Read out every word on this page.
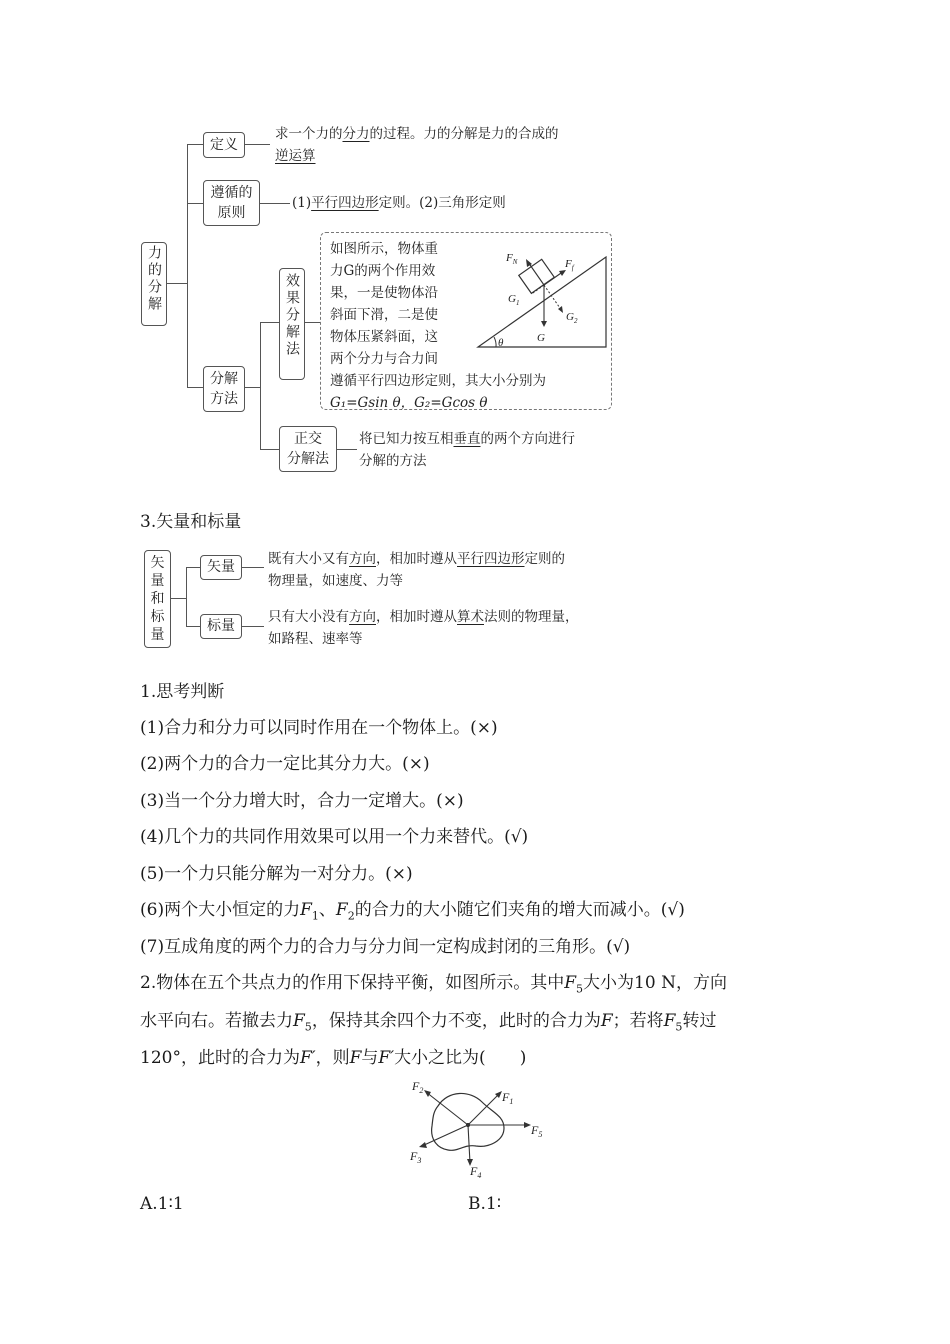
力的分解
定义
求一个力的分力的过程。力的分解是力的合成的
逆运算
遵循的
原则
(1)平行四边形定则。(2)三角形定则
分解
方法
效果分解法
如图所示，物体重
力G的两个作用效
果，一是使物体沿
斜面下滑，二是使
物体压紧斜面，这
两个分力与合力间
遵循平行四边形定则，其大小分别为
G₁=Gsin θ，G₂=Gcos θ
$F_N$	$F_f$
$G_1$
$G_2$
G
θ
正交
分解法
将已知力按互相垂直的两个方向进行
分解的方法
3.矢量和标量
矢
量
和
标
量
矢量	既有大小又有方向，相加时遵从平行四边形定则的
物理量，如速度、力等
标量
只有大小没有方向，相加时遵从算术法则的物理量，
如路程、速率等
1.思考判断
(1)合力和分力可以同时作用在一个物体上。(×)
(2)两个力的合力一定比其分力大。(×)
(3)当一个分力增大时，合力一定增大。(×)
(4)几个力的共同作用效果可以用一个力来替代。(√)
(5)一个力只能分解为一对分力。(×)
(6)两个大小恒定的力$F_1$、$F_2$的合力的大小随它们夹角的增大而减小。(√)
(7)互成角度的两个力的合力与分力间一定构成封闭的三角形。(√)
2.物体在五个共点力的作用下保持平衡，如图所示。其中$F_5$大小为10 N，方向
水平向右。若撤去力$F_5$，保持其余四个力不变，此时的合力为F；若将$F_5$转过
120°，此时的合力为F′，则F与F′大小之比为(　　)
$F_1$
$F_2$
$F_3$
$F_4$
$F_5$
A.1∶1	B.1∶
